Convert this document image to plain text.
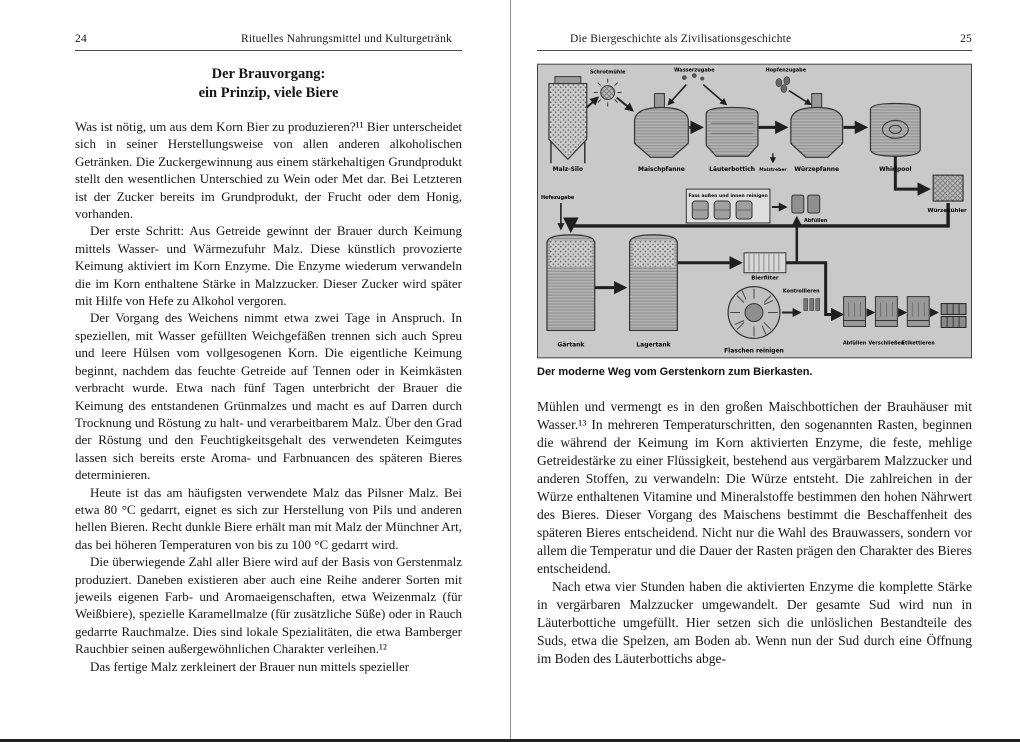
24	Rituelles Nahrungsmittel und Kulturgetränk
Der Brauvorgang:
ein Prinzip, viele Biere

Was ist nötig, um aus dem Korn Bier zu produzieren?¹¹ Bier unterscheidet sich in seiner Herstellungsweise von allen anderen alkoholischen Getränken. Die Zuckergewinnung aus einem stärkehaltigen Grundprodukt stellt den wesentlichen Unterschied zu Wein oder Met dar. Bei Letzteren ist der Zucker bereits im Grundprodukt, der Frucht oder dem Honig, vorhanden.

Der erste Schritt: Aus Getreide gewinnt der Brauer durch Keimung mittels Wasser- und Wärmezufuhr Malz. Diese künstlich provozierte Keimung aktiviert im Korn Enzyme. Die Enzyme wiederum verwandeln die im Korn enthaltene Stärke in Malzzucker. Dieser Zucker wird später mit Hilfe von Hefe zu Alkohol vergoren.

Der Vorgang des Weichens nimmt etwa zwei Tage in Anspruch. In speziellen, mit Wasser gefüllten Weichgefäßen trennen sich auch Spreu und leere Hülsen vom vollgesogenen Korn. Die eigentliche Keimung beginnt, nachdem das feuchte Getreide auf Tennen oder in Keimkästen verbracht wurde. Etwa nach fünf Tagen unterbricht der Brauer die Keimung des entstandenen Grünmalzes und macht es auf Darren durch Trocknung und Röstung zu halt- und verarbeitbarem Malz. Über den Grad der Röstung und den Feuchtigkeitsgehalt des verwendeten Keimgutes lassen sich bereits erste Aroma- und Farbnuancen des späteren Bieres determinieren.

Heute ist das am häufigsten verwendete Malz das Pilsner Malz. Bei etwa 80 °C gedarrt, eignet es sich zur Herstellung von Pils und anderen hellen Bieren. Recht dunkle Biere erhält man mit Malz der Münchner Art, das bei höheren Temperaturen von bis zu 100 °C gedarrt wird.

Die überwiegende Zahl aller Biere wird auf der Basis von Gerstenmalz produziert. Daneben existieren aber auch eine Reihe anderer Sorten mit jeweils eigenen Farb- und Aromaeigenschaften, etwa Weizenmalz (für Weißbiere), spezielle Karamellmalze (für zusätzliche Süße) oder in Rauch gedarrte Rauchmalze. Dies sind lokale Spezialitäten, die etwa Bamberger Rauchbier seinen außergewöhnlichen Charakter verleihen.¹²

Das fertige Malz zerkleinert der Brauer nun mittels spezieller

Die Biergeschichte als Zivilisationsgeschichte	25
Malz-Silo
Schrotmühle	Wasserzugabe	Hopfenzugabe
Maischpfanne	Läuterbottich Malztreber Würzepfanne	Whirlpool
Würzekühler
Hefezugabe	Fass außen und innen reinigen
Abfüllen
Bierfilter
Kontrollieren
Gärtank	Lagertank
Flaschen reinigen
Abfüllen Verschließen
Etikettieren
Der moderne Weg vom Gerstenkorn zum Bierkasten.

Mühlen und vermengt es in den großen Maischbottichen der Brauhäuser mit Wasser.¹³ In mehreren Temperaturschritten, den sogenannten Rasten, beginnen die während der Keimung im Korn aktivierten Enzyme, die feste, mehlige Getreidestärke zu einer Flüssigkeit, bestehend aus vergärbarem Malzzucker und anderen Stoffen, zu verwandeln: Die Würze entsteht. Die zahlreichen in der Würze enthaltenen Vitamine und Mineralstoffe bestimmen den hohen Nährwert des Bieres. Dieser Vorgang des Maischens bestimmt die Beschaffenheit des späteren Bieres entscheidend. Nicht nur die Wahl des Brauwassers, sondern vor allem die Temperatur und die Dauer der Rasten prägen den Charakter des Bieres entscheidend.

Nach etwa vier Stunden haben die aktivierten Enzyme die komplette Stärke in vergärbaren Malzzucker umgewandelt. Der gesamte Sud wird nun in Läuterbottiche umgefüllt. Hier setzen sich die unlöslichen Bestandteile des Suds, etwa die Spelzen, am Boden ab. Wenn nun der Sud durch eine Öffnung im Boden des Läuterbottichs abge-
